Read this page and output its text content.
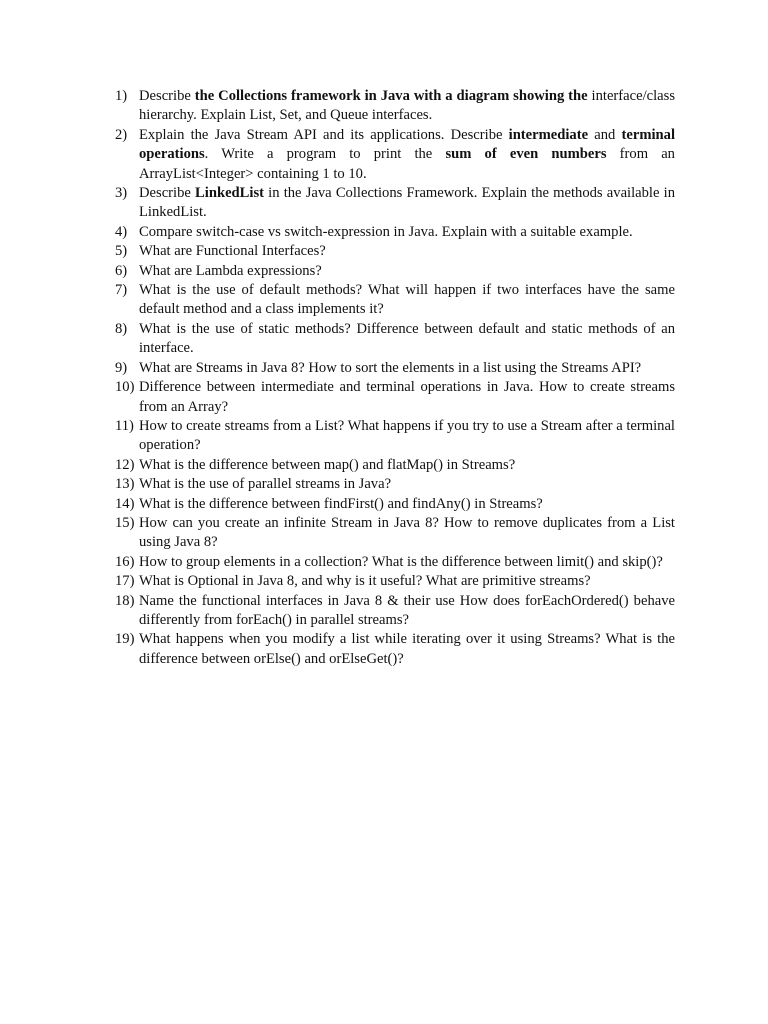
1) Describe the Collections framework in Java with a diagram showing the interface/class hierarchy. Explain List, Set, and Queue interfaces.
2) Explain the Java Stream API and its applications. Describe intermediate and terminal operations. Write a program to print the sum of even numbers from an ArrayList<Integer> containing 1 to 10.
3) Describe LinkedList in the Java Collections Framework. Explain the methods available in LinkedList.
4) Compare switch-case vs switch-expression in Java. Explain with a suitable example.
5) What are Functional Interfaces?
6) What are Lambda expressions?
7) What is the use of default methods? What will happen if two interfaces have the same default method and a class implements it?
8) What is the use of static methods? Difference between default and static methods of an interface.
9) What are Streams in Java 8? How to sort the elements in a list using the Streams API?
10) Difference between intermediate and terminal operations in Java. How to create streams from an Array?
11) How to create streams from a List? What happens if you try to use a Stream after a terminal operation?
12) What is the difference between map() and flatMap() in Streams?
13) What is the use of parallel streams in Java?
14) What is the difference between findFirst() and findAny() in Streams?
15) How can you create an infinite Stream in Java 8? How to remove duplicates from a List using Java 8?
16) How to group elements in a collection? What is the difference between limit() and skip()?
17) What is Optional in Java 8, and why is it useful? What are primitive streams?
18) Name the functional interfaces in Java 8 & their use How does forEachOrdered() behave differently from forEach() in parallel streams?
19) What happens when you modify a list while iterating over it using Streams? What is the difference between orElse() and orElseGet()?
